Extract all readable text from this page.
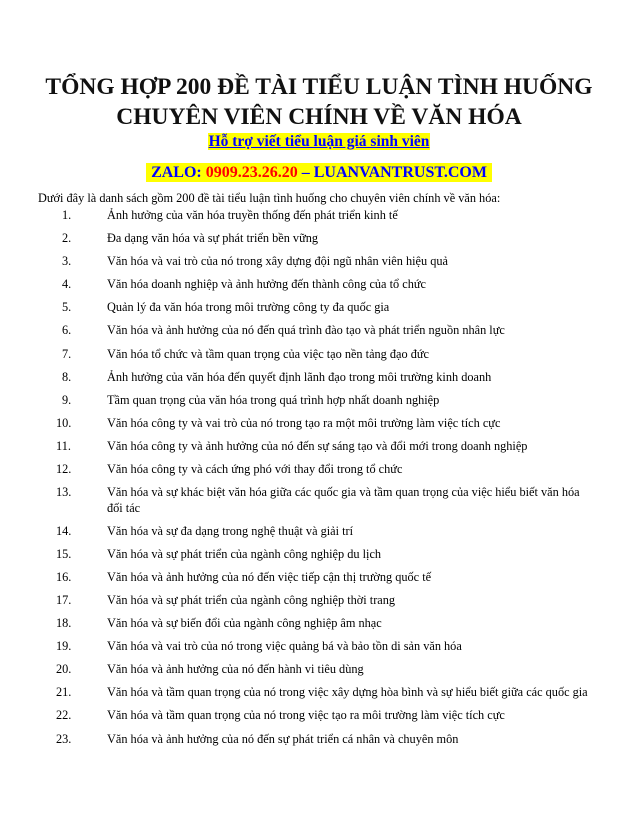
TỔNG HỢP 200 ĐỀ TÀI TIỂU LUẬN TÌNH HUỐNG CHUYÊN VIÊN CHÍNH VỀ VĂN HÓA

Hỗ trợ viết tiểu luận giá sinh viên

ZALO: 0909.23.26.20 – LUANVANTRUST.COM

Dưới đây là danh sách gồm 200 đề tài tiểu luận tình huống cho chuyên viên chính về văn hóa:

1.	Ảnh hưởng của văn hóa truyền thống đến phát triển kinh tế
2.	Đa dạng văn hóa và sự phát triển bền vững
3.	Văn hóa và vai trò của nó trong xây dựng đội ngũ nhân viên hiệu quả
4.	Văn hóa doanh nghiệp và ảnh hưởng đến thành công của tổ chức
5.	Quản lý đa văn hóa trong môi trường công ty đa quốc gia
6.	Văn hóa và ảnh hưởng của nó đến quá trình đào tạo và phát triển nguồn nhân lực
7.	Văn hóa tổ chức và tầm quan trọng của việc tạo nền tảng đạo đức
8.	Ảnh hưởng của văn hóa đến quyết định lãnh đạo trong môi trường kinh doanh
9.	Tầm quan trọng của văn hóa trong quá trình hợp nhất doanh nghiệp
10.	Văn hóa công ty và vai trò của nó trong tạo ra một môi trường làm việc tích cực
11.	Văn hóa công ty và ảnh hưởng của nó đến sự sáng tạo và đổi mới trong doanh nghiệp
12.	Văn hóa công ty và cách ứng phó với thay đổi trong tổ chức
13.	Văn hóa và sự khác biệt văn hóa giữa các quốc gia và tầm quan trọng của việc hiểu biết văn hóa đối tác
14.	Văn hóa và sự đa dạng trong nghệ thuật và giải trí
15.	Văn hóa và sự phát triển của ngành công nghiệp du lịch
16.	Văn hóa và ảnh hưởng của nó đến việc tiếp cận thị trường quốc tế
17.	Văn hóa và sự phát triển của ngành công nghiệp thời trang
18.	Văn hóa và sự biến đổi của ngành công nghiệp âm nhạc
19.	Văn hóa và vai trò của nó trong việc quảng bá và bảo tồn di sản văn hóa
20.	Văn hóa và ảnh hưởng của nó đến hành vi tiêu dùng
21.	Văn hóa và tầm quan trọng của nó trong việc xây dựng hòa bình và sự hiểu biết giữa các quốc gia
22.	Văn hóa và tầm quan trọng của nó trong việc tạo ra môi trường làm việc tích cực
23.	Văn hóa và ảnh hưởng của nó đến sự phát triển cá nhân và chuyên môn
